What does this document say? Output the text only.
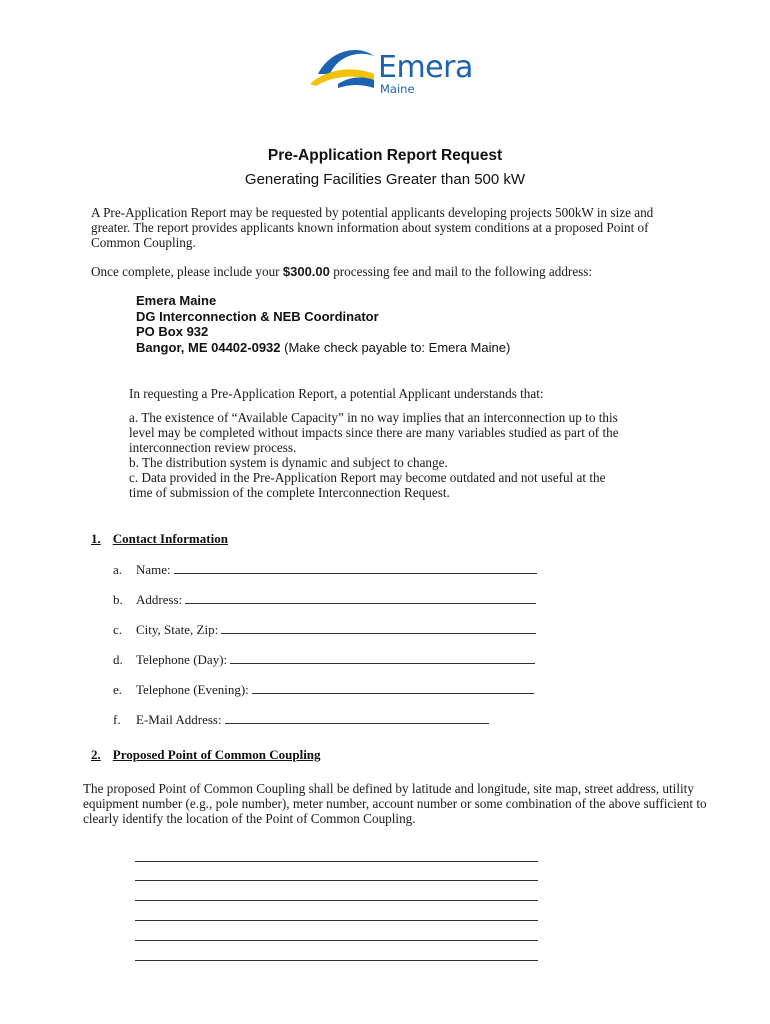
Emera
Maine
Pre-Application Report Request
Generating Facilities Greater than 500 kW
A Pre-Application Report may be requested by potential applicants developing projects 500kW in size and greater. The report provides applicants known information about system conditions at a proposed Point of Common Coupling.
Once complete, please include your $300.00 processing fee and mail to the following address:
Emera Maine
DG Interconnection & NEB Coordinator
PO Box 932
Bangor, ME 04402-0932 (Make check payable to: Emera Maine)
In requesting a Pre-Application Report, a potential Applicant understands that:
a. The existence of “Available Capacity” in no way implies that an interconnection up to this level may be completed without impacts since there are many variables studied as part of the interconnection review process.
b. The distribution system is dynamic and subject to change.
c. Data provided in the Pre-Application Report may become outdated and not useful at the time of submission of the complete Interconnection Request.
1. Contact Information
a.	Name:
b.	Address:
c.	City, State, Zip:
d.	Telephone (Day):
e.	Telephone (Evening):
f.	E-Mail Address:
2. Proposed Point of Common Coupling
The proposed Point of Common Coupling shall be defined by latitude and longitude, site map, street address, utility equipment number (e.g., pole number), meter number, account number or some combination of the above sufficient to clearly identify the location of the Point of Common Coupling.
